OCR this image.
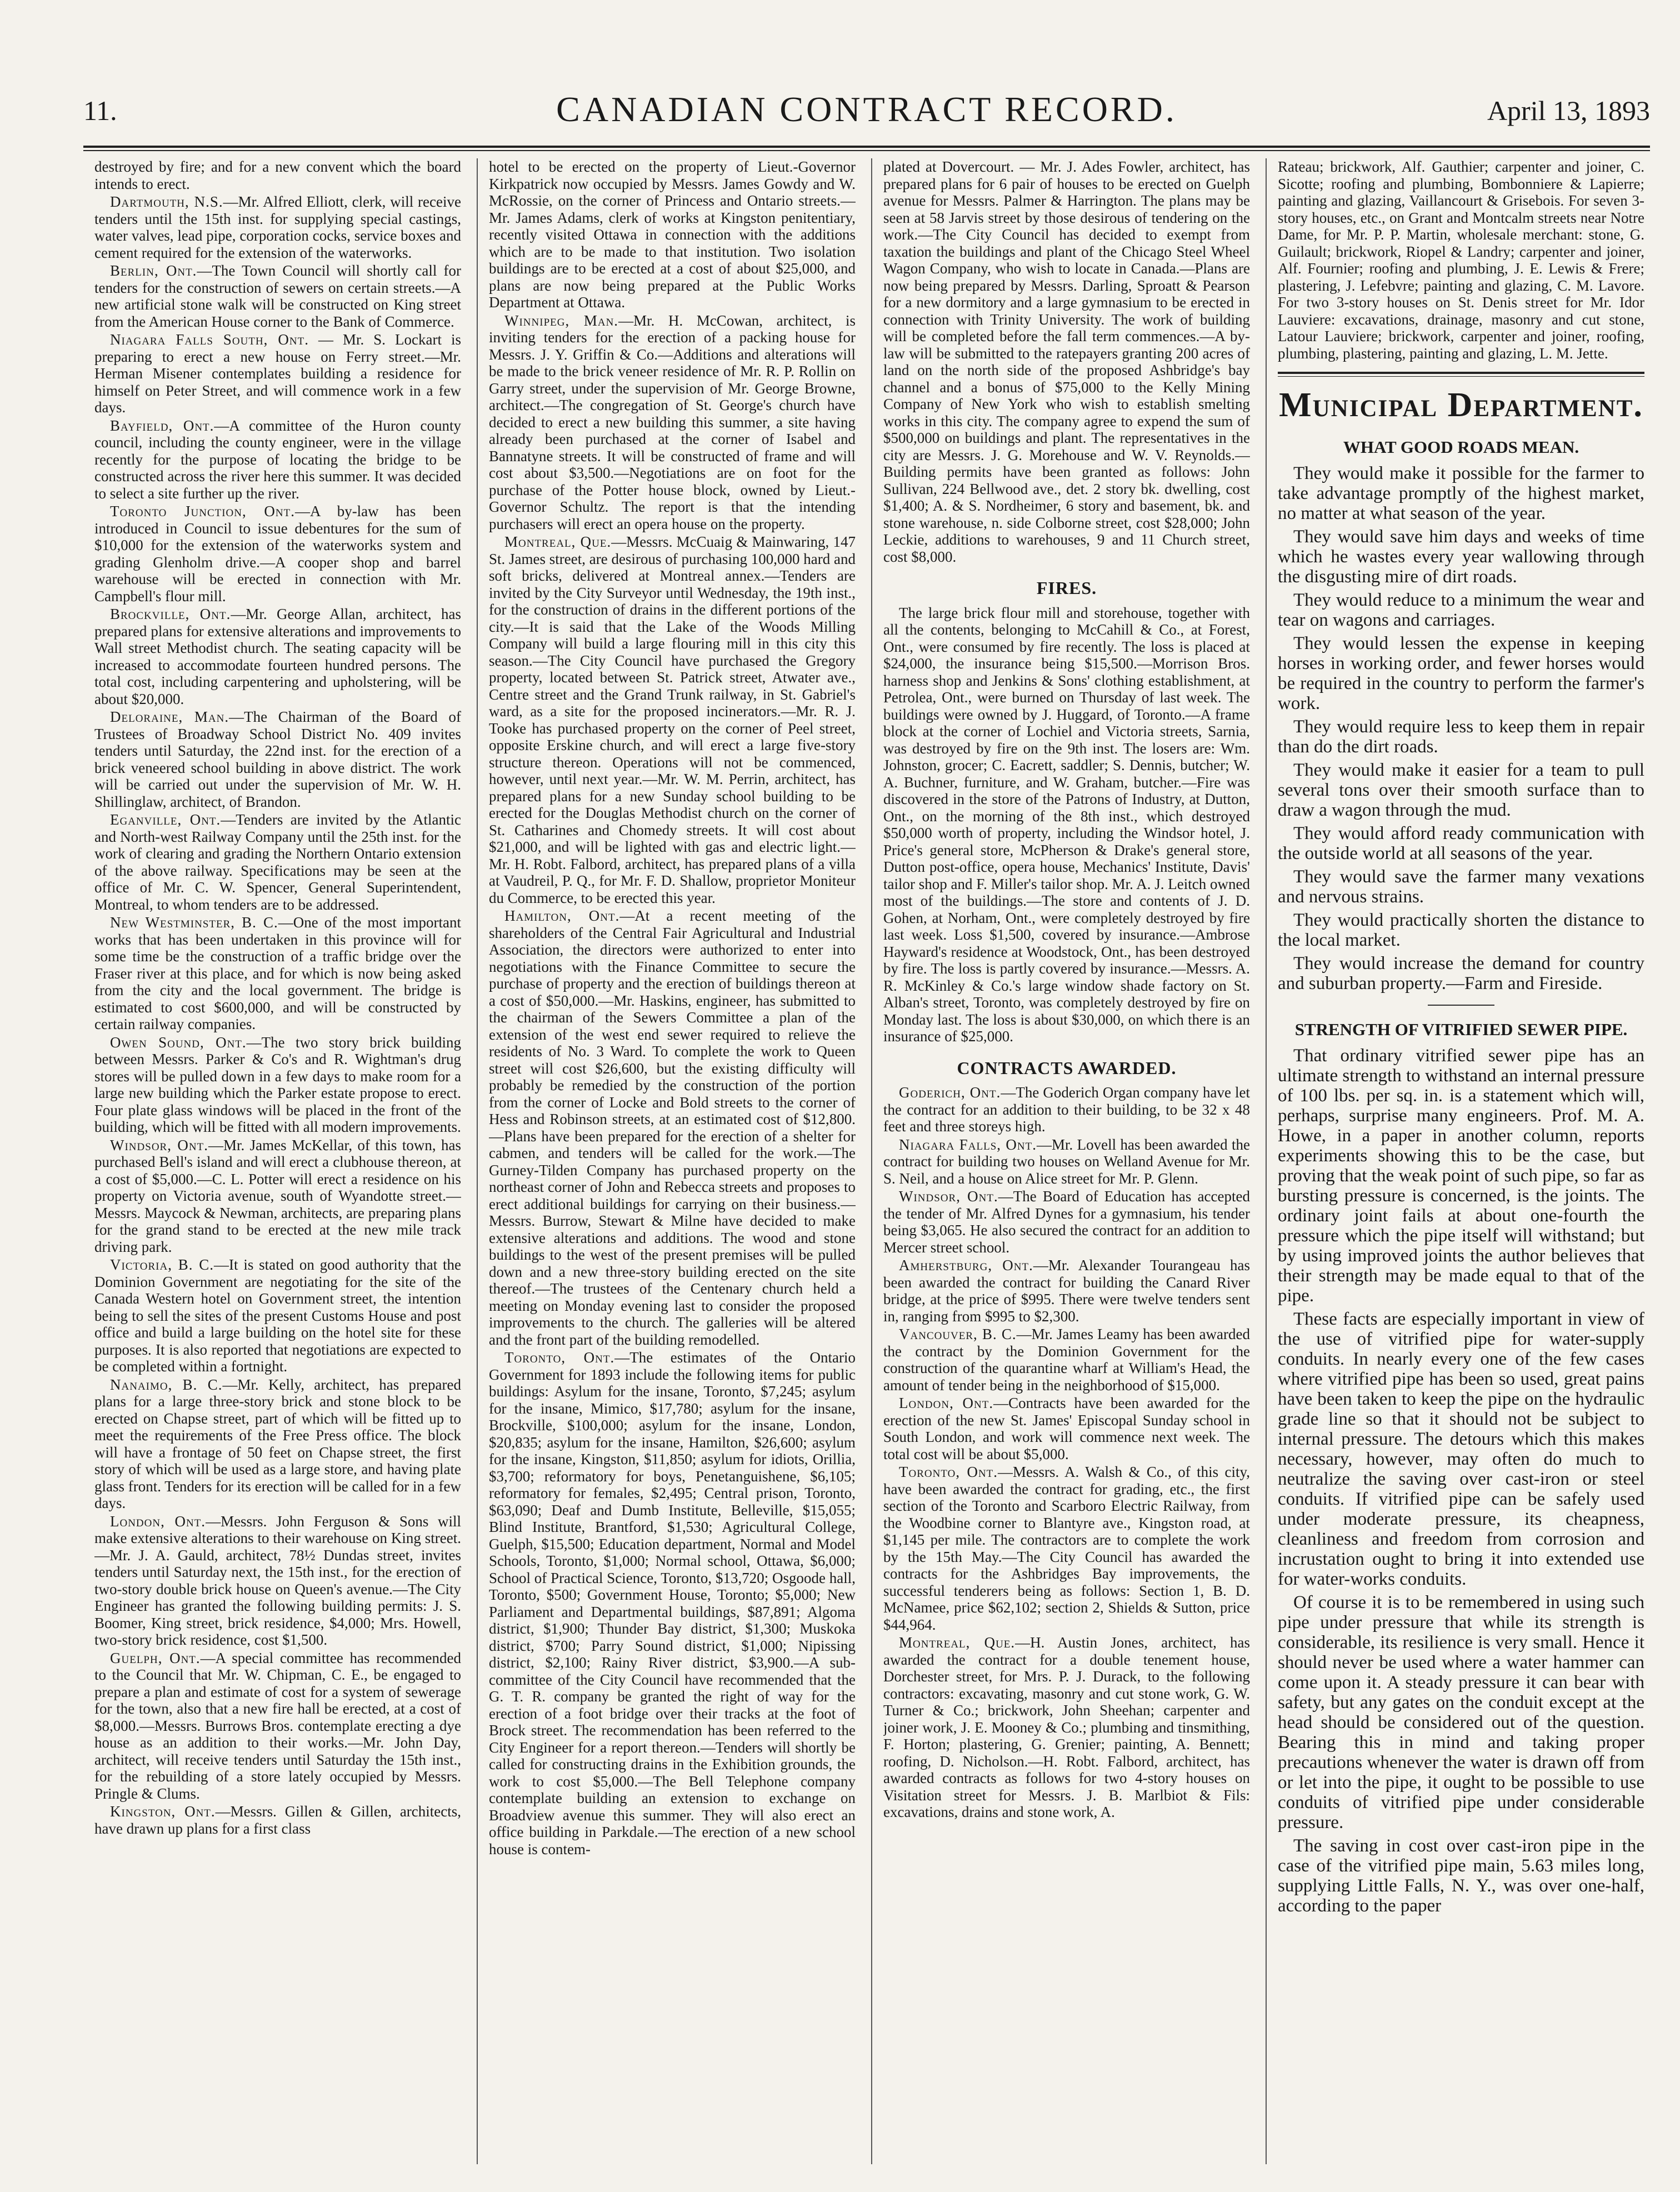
11.	CANADIAN CONTRACT RECORD.	April 13, 1893

destroyed by fire; and for a new convent which the board intends to erect.

Dartmouth, N.S.—Mr. Alfred Elliott, clerk, will receive tenders until the 15th inst. for supplying special castings, water valves, lead pipe, corporation cocks, service boxes and cement required for the extension of the waterworks.

Berlin, Ont.—The Town Council will shortly call for tenders for the construction of sewers on certain streets.—A new artificial stone walk will be constructed on King street from the American House corner to the Bank of Commerce.

Niagara Falls South, Ont. — Mr. S. Lockart is preparing to erect a new house on Ferry street.—Mr. Herman Misener contemplates building a residence for himself on Peter Street, and will commence work in a few days.

Bayfield, Ont.—A committee of the Huron county council, including the county engineer, were in the village recently for the purpose of locating the bridge to be constructed across the river here this summer. It was decided to select a site further up the river.

Toronto Junction, Ont.—A by-law has been introduced in Council to issue debentures for the sum of $10,000 for the extension of the waterworks system and grading Glenholm drive.—A cooper shop and barrel warehouse will be erected in connection with Mr. Campbell's flour mill.

Brockville, Ont.—Mr. George Allan, architect, has prepared plans for extensive alterations and improvements to Wall street Methodist church. The seating capacity will be increased to accommodate fourteen hundred persons. The total cost, including carpentering and upholstering, will be about $20,000.

Deloraine, Man.—The Chairman of the Board of Trustees of Broadway School District No. 409 invites tenders until Saturday, the 22nd inst. for the erection of a brick veneered school building in above district. The work will be carried out under the supervision of Mr. W. H. Shillinglaw, architect, of Brandon.

Eganville, Ont.—Tenders are invited by the Atlantic and North-west Railway Company until the 25th inst. for the work of clearing and grading the Northern Ontario extension of the above railway. Specifications may be seen at the office of Mr. C. W. Spencer, General Superintendent, Montreal, to whom tenders are to be addressed.

New Westminster, B. C.—One of the most important works that has been undertaken in this province will for some time be the construction of a traffic bridge over the Fraser river at this place, and for which is now being asked from the city and the local government. The bridge is estimated to cost $600,000, and will be constructed by certain railway companies.

Owen Sound, Ont.—The two story brick building between Messrs. Parker & Co's and R. Wightman's drug stores will be pulled down in a few days to make room for a large new building which the Parker estate propose to erect. Four plate glass windows will be placed in the front of the building, which will be fitted with all modern improvements.

Windsor, Ont.—Mr. James McKellar, of this town, has purchased Bell's island and will erect a clubhouse thereon, at a cost of $5,000.—C. L. Potter will erect a residence on his property on Victoria avenue, south of Wyandotte street.—Messrs. Maycock & Newman, architects, are preparing plans for the grand stand to be erected at the new mile track driving park.

Victoria, B. C.—It is stated on good authority that the Dominion Government are negotiating for the site of the Canada Western hotel on Government street, the intention being to sell the sites of the present Customs House and post office and build a large building on the hotel site for these purposes. It is also reported that negotiations are expected to be completed within a fortnight.

Nanaimo, B. C.—Mr. Kelly, architect, has prepared plans for a large three-story brick and stone block to be erected on Chapse street, part of which will be fitted up to meet the requirements of the Free Press office. The block will have a frontage of 50 feet on Chapse street, the first story of which will be used as a large store, and having plate glass front. Tenders for its erection will be called for in a few days.

London, Ont.—Messrs. John Ferguson & Sons will make extensive alterations to their warehouse on King street.—Mr. J. A. Gauld, architect, 78½ Dundas street, invites tenders until Saturday next, the 15th inst., for the erection of two-story double brick house on Queen's avenue.—The City Engineer has granted the following building permits: J. S. Boomer, King street, brick residence, $4,000; Mrs. Howell, two-story brick residence, cost $1,500.

Guelph, Ont.—A special committee has recommended to the Council that Mr. W. Chipman, C. E., be engaged to prepare a plan and estimate of cost for a system of sewerage for the town, also that a new fire hall be erected, at a cost of $8,000.—Messrs. Burrows Bros. contemplate erecting a dye house as an addition to their works.—Mr. John Day, architect, will receive tenders until Saturday the 15th inst., for the rebuilding of a store lately occupied by Messrs. Pringle & Clums.

Kingston, Ont.—Messrs. Gillen & Gillen, architects, have drawn up plans for a first class

hotel to be erected on the property of Lieut.-Governor Kirkpatrick now occupied by Messrs. James Gowdy and W. McRossie, on the corner of Princess and Ontario streets.—Mr. James Adams, clerk of works at Kingston penitentiary, recently visited Ottawa in connection with the additions which are to be made to that institution. Two isolation buildings are to be erected at a cost of about $25,000, and plans are now being prepared at the Public Works Department at Ottawa.

Winnipeg, Man.—Mr. H. McCowan, architect, is inviting tenders for the erection of a packing house for Messrs. J. Y. Griffin & Co.—Additions and alterations will be made to the brick veneer residence of Mr. R. P. Rollin on Garry street, under the supervision of Mr. George Browne, architect.—The congregation of St. George's church have decided to erect a new building this summer, a site having already been purchased at the corner of Isabel and Bannatyne streets. It will be constructed of frame and will cost about $3,500.—Negotiations are on foot for the purchase of the Potter house block, owned by Lieut.-Governor Schultz. The report is that the intending purchasers will erect an opera house on the property.

Montreal, Que.—Messrs. McCuaig & Mainwaring, 147 St. James street, are desirous of purchasing 100,000 hard and soft bricks, delivered at Montreal annex.—Tenders are invited by the City Surveyor until Wednesday, the 19th inst., for the construction of drains in the different portions of the city.—It is said that the Lake of the Woods Milling Company will build a large flouring mill in this city this season.—The City Council have purchased the Gregory property, located between St. Patrick street, Atwater ave., Centre street and the Grand Trunk railway, in St. Gabriel's ward, as a site for the proposed incinerators.—Mr. R. J. Tooke has purchased property on the corner of Peel street, opposite Erskine church, and will erect a large five-story structure thereon. Operations will not be commenced, however, until next year.—Mr. W. M. Perrin, architect, has prepared plans for a new Sunday school building to be erected for the Douglas Methodist church on the corner of St. Catharines and Chomedy streets. It will cost about $21,000, and will be lighted with gas and electric light.—Mr. H. Robt. Falbord, architect, has prepared plans of a villa at Vaudreil, P. Q., for Mr. F. D. Shallow, proprietor Moniteur du Commerce, to be erected this year.

Hamilton, Ont.—At a recent meeting of the shareholders of the Central Fair Agricultural and Industrial Association, the directors were authorized to enter into negotiations with the Finance Committee to secure the purchase of property and the erection of buildings thereon at a cost of $50,000.—Mr. Haskins, engineer, has submitted to the chairman of the Sewers Committee a plan of the extension of the west end sewer required to relieve the residents of No. 3 Ward. To complete the work to Queen street will cost $26,600, but the existing difficulty will probably be remedied by the construction of the portion from the corner of Locke and Bold streets to the corner of Hess and Robinson streets, at an estimated cost of $12,800.—Plans have been prepared for the erection of a shelter for cabmen, and tenders will be called for the work.—The Gurney-Tilden Company has purchased property on the northeast corner of John and Rebecca streets and proposes to erect additional buildings for carrying on their business.—Messrs. Burrow, Stewart & Milne have decided to make extensive alterations and additions. The wood and stone buildings to the west of the present premises will be pulled down and a new three-story building erected on the site thereof.—The trustees of the Centenary church held a meeting on Monday evening last to consider the proposed improvements to the church. The galleries will be altered and the front part of the building remodelled.

Toronto, Ont.—The estimates of the Ontario Government for 1893 include the following items for public buildings: Asylum for the insane, Toronto, $7,245; asylum for the insane, Mimico, $17,780; asylum for the insane, Brockville, $100,000; asylum for the insane, London, $20,835; asylum for the insane, Hamilton, $26,600; asylum for the insane, Kingston, $11,850; asylum for idiots, Orillia, $3,700; reformatory for boys, Penetanguishene, $6,105; reformatory for females, $2,495; Central prison, Toronto, $63,090; Deaf and Dumb Institute, Belleville, $15,055; Blind Institute, Brantford, $1,530; Agricultural College, Guelph, $15,500; Education department, Normal and Model Schools, Toronto, $1,000; Normal school, Ottawa, $6,000; School of Practical Science, Toronto, $13,720; Osgoode hall, Toronto, $500; Government House, Toronto; $5,000; New Parliament and Departmental buildings, $87,891; Algoma district, $1,900; Thunder Bay district, $1,300; Muskoka district, $700; Parry Sound district, $1,000; Nipissing district, $2,100; Rainy River district, $3,900.—A sub-committee of the City Council have recommended that the G. T. R. company be granted the right of way for the erection of a foot bridge over their tracks at the foot of Brock street. The recommendation has been referred to the City Engineer for a report thereon.—Tenders will shortly be called for constructing drains in the Exhibition grounds, the work to cost $5,000.—The Bell Telephone company contemplate building an extension to exchange on Broadview avenue this summer. They will also erect an office building in Parkdale.—The erection of a new school house is contem-

plated at Dovercourt. — Mr. J. Ades Fowler, architect, has prepared plans for 6 pair of houses to be erected on Guelph avenue for Messrs. Palmer & Harrington. The plans may be seen at 58 Jarvis street by those desirous of tendering on the work.—The City Council has decided to exempt from taxation the buildings and plant of the Chicago Steel Wheel Wagon Company, who wish to locate in Canada.—Plans are now being prepared by Messrs. Darling, Sproatt & Pearson for a new dormitory and a large gymnasium to be erected in connection with Trinity University. The work of building will be completed before the fall term commences.—A by-law will be submitted to the ratepayers granting 200 acres of land on the north side of the proposed Ashbridge's bay channel and a bonus of $75,000 to the Kelly Mining Company of New York who wish to establish smelting works in this city. The company agree to expend the sum of $500,000 on buildings and plant. The representatives in the city are Messrs. J. G. Morehouse and W. V. Reynolds.—Building permits have been granted as follows: John Sullivan, 224 Bellwood ave., det. 2 story bk. dwelling, cost $1,400; A. & S. Nordheimer, 6 story and basement, bk. and stone warehouse, n. side Colborne street, cost $28,000; John Leckie, additions to warehouses, 9 and 11 Church street, cost $8,000.

FIRES.

The large brick flour mill and storehouse, together with all the contents, belonging to McCahill & Co., at Forest, Ont., were consumed by fire recently. The loss is placed at $24,000, the insurance being $15,500.—Morrison Bros. harness shop and Jenkins & Sons' clothing establishment, at Petrolea, Ont., were burned on Thursday of last week. The buildings were owned by J. Huggard, of Toronto.—A frame block at the corner of Lochiel and Victoria streets, Sarnia, was destroyed by fire on the 9th inst. The losers are: Wm. Johnston, grocer; C. Eacrett, saddler; S. Dennis, butcher; W. A. Buchner, furniture, and W. Graham, butcher.—Fire was discovered in the store of the Patrons of Industry, at Dutton, Ont., on the morning of the 8th inst., which destroyed $50,000 worth of property, including the Windsor hotel, J. Price's general store, McPherson & Drake's general store, Dutton post-office, opera house, Mechanics' Institute, Davis' tailor shop and F. Miller's tailor shop. Mr. A. J. Leitch owned most of the buildings.—The store and contents of J. D. Gohen, at Norham, Ont., were completely destroyed by fire last week. Loss $1,500, covered by insurance.—Ambrose Hayward's residence at Woodstock, Ont., has been destroyed by fire. The loss is partly covered by insurance.—Messrs. A. R. McKinley & Co.'s large window shade factory on St. Alban's street, Toronto, was completely destroyed by fire on Monday last. The loss is about $30,000, on which there is an insurance of $25,000.

CONTRACTS AWARDED.

Goderich, Ont.—The Goderich Organ company have let the contract for an addition to their building, to be 32 x 48 feet and three storeys high.

Niagara Falls, Ont.—Mr. Lovell has been awarded the contract for building two houses on Welland Avenue for Mr. S. Neil, and a house on Alice street for Mr. P. Glenn.

Windsor, Ont.—The Board of Education has accepted the tender of Mr. Alfred Dynes for a gymnasium, his tender being $3,065. He also secured the contract for an addition to Mercer street school.

Amherstburg, Ont.—Mr. Alexander Tourangeau has been awarded the contract for building the Canard River bridge, at the price of $995. There were twelve tenders sent in, ranging from $995 to $2,300.

Vancouver, B. C.—Mr. James Leamy has been awarded the contract by the Dominion Government for the construction of the quarantine wharf at William's Head, the amount of tender being in the neighborhood of $15,000.

London, Ont.—Contracts have been awarded for the erection of the new St. James' Episcopal Sunday school in South London, and work will commence next week. The total cost will be about $5,000.

Toronto, Ont.—Messrs. A. Walsh & Co., of this city, have been awarded the contract for grading, etc., the first section of the Toronto and Scarboro Electric Railway, from the Woodbine corner to Blantyre ave., Kingston road, at $1,145 per mile. The contractors are to complete the work by the 15th May.—The City Council has awarded the contracts for the Ashbridges Bay improvements, the successful tenderers being as follows: Section 1, B. D. McNamee, price $62,102; section 2, Shields & Sutton, price $44,964.

Montreal, Que.—H. Austin Jones, architect, has awarded the contract for a double tenement house, Dorchester street, for Mrs. P. J. Durack, to the following contractors: excavating, masonry and cut stone work, G. W. Turner & Co.; brickwork, John Sheehan; carpenter and joiner work, J. E. Mooney & Co.; plumbing and tinsmithing, F. Horton; plastering, G. Grenier; painting, A. Bennett; roofing, D. Nicholson.—H. Robt. Falbord, architect, has awarded contracts as follows for two 4-story houses on Visitation street for Messrs. J. B. Marlbiot & Fils: excavations, drains and stone work, A.

Rateau; brickwork, Alf. Gauthier; carpenter and joiner, C. Sicotte; roofing and plumbing, Bombonniere & Lapierre; painting and glazing, Vaillancourt & Grisebois. For seven 3-story houses, etc., on Grant and Montcalm streets near Notre Dame, for Mr. P. P. Martin, wholesale merchant: stone, G. Guilault; brickwork, Riopel & Landry; carpenter and joiner, Alf. Fournier; roofing and plumbing, J. E. Lewis & Frere; plastering, J. Lefebvre; painting and glazing, C. M. Lavore. For two 3-story houses on St. Denis street for Mr. Idor Lauviere: excavations, drainage, masonry and cut stone, Latour Lauviere; brickwork, carpenter and joiner, roofing, plumbing, plastering, painting and glazing, L. M. Jette.

Municipal Department.
WHAT GOOD ROADS MEAN.

They would make it possible for the farmer to take advantage promptly of the highest market, no matter at what season of the year.

They would save him days and weeks of time which he wastes every year wallowing through the disgusting mire of dirt roads.

They would reduce to a minimum the wear and tear on wagons and carriages.

They would lessen the expense in keeping horses in working order, and fewer horses would be required in the country to perform the farmer's work.

They would require less to keep them in repair than do the dirt roads.

They would make it easier for a team to pull several tons over their smooth surface than to draw a wagon through the mud.

They would afford ready communication with the outside world at all seasons of the year.

They would save the farmer many vexations and nervous strains.

They would practically shorten the distance to the local market.

They would increase the demand for country and suburban property.—Farm and Fireside.

STRENGTH OF VITRIFIED SEWER PIPE.

That ordinary vitrified sewer pipe has an ultimate strength to withstand an internal pressure of 100 lbs. per sq. in. is a statement which will, perhaps, surprise many engineers. Prof. M. A. Howe, in a paper in another column, reports experiments showing this to be the case, but proving that the weak point of such pipe, so far as bursting pressure is concerned, is the joints. The ordinary joint fails at about one-fourth the pressure which the pipe itself will withstand; but by using improved joints the author believes that their strength may be made equal to that of the pipe.

These facts are especially important in view of the use of vitrified pipe for water-supply conduits. In nearly every one of the few cases where vitrified pipe has been so used, great pains have been taken to keep the pipe on the hydraulic grade line so that it should not be subject to internal pressure. The detours which this makes necessary, however, may often do much to neutralize the saving over cast-iron or steel conduits. If vitrified pipe can be safely used under moderate pressure, its cheapness, cleanliness and freedom from corrosion and incrustation ought to bring it into extended use for water-works conduits.

Of course it is to be remembered in using such pipe under pressure that while its strength is considerable, its resilience is very small. Hence it should never be used where a water hammer can come upon it. A steady pressure it can bear with safety, but any gates on the conduit except at the head should be considered out of the question. Bearing this in mind and taking proper precautions whenever the water is drawn off from or let into the pipe, it ought to be possible to use conduits of vitrified pipe under considerable pressure.

The saving in cost over cast-iron pipe in the case of the vitrified pipe main, 5.63 miles long, supplying Little Falls, N. Y., was over one-half, according to the paper
